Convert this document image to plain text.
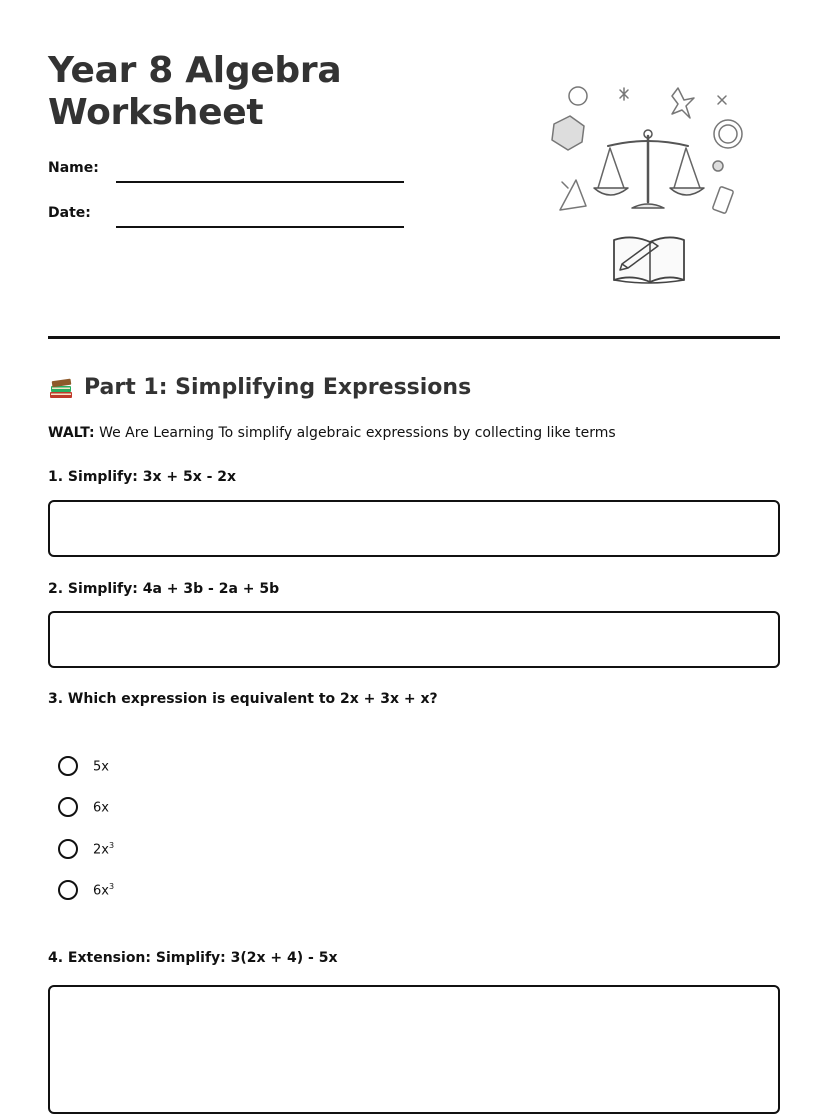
Year 8 Algebra Worksheet
Name:
Date:
Part 1: Simplifying Expressions
WALT: We Are Learning To simplify algebraic expressions by collecting like terms
1. Simplify: 3x + 5x - 2x
2. Simplify: 4a + 3b - 2a + 5b
3. Which expression is equivalent to 2x + 3x + x?
5x
6x
$2x^3$
$6x^3$
4. Extension: Simplify: 3(2x + 4) - 5x
